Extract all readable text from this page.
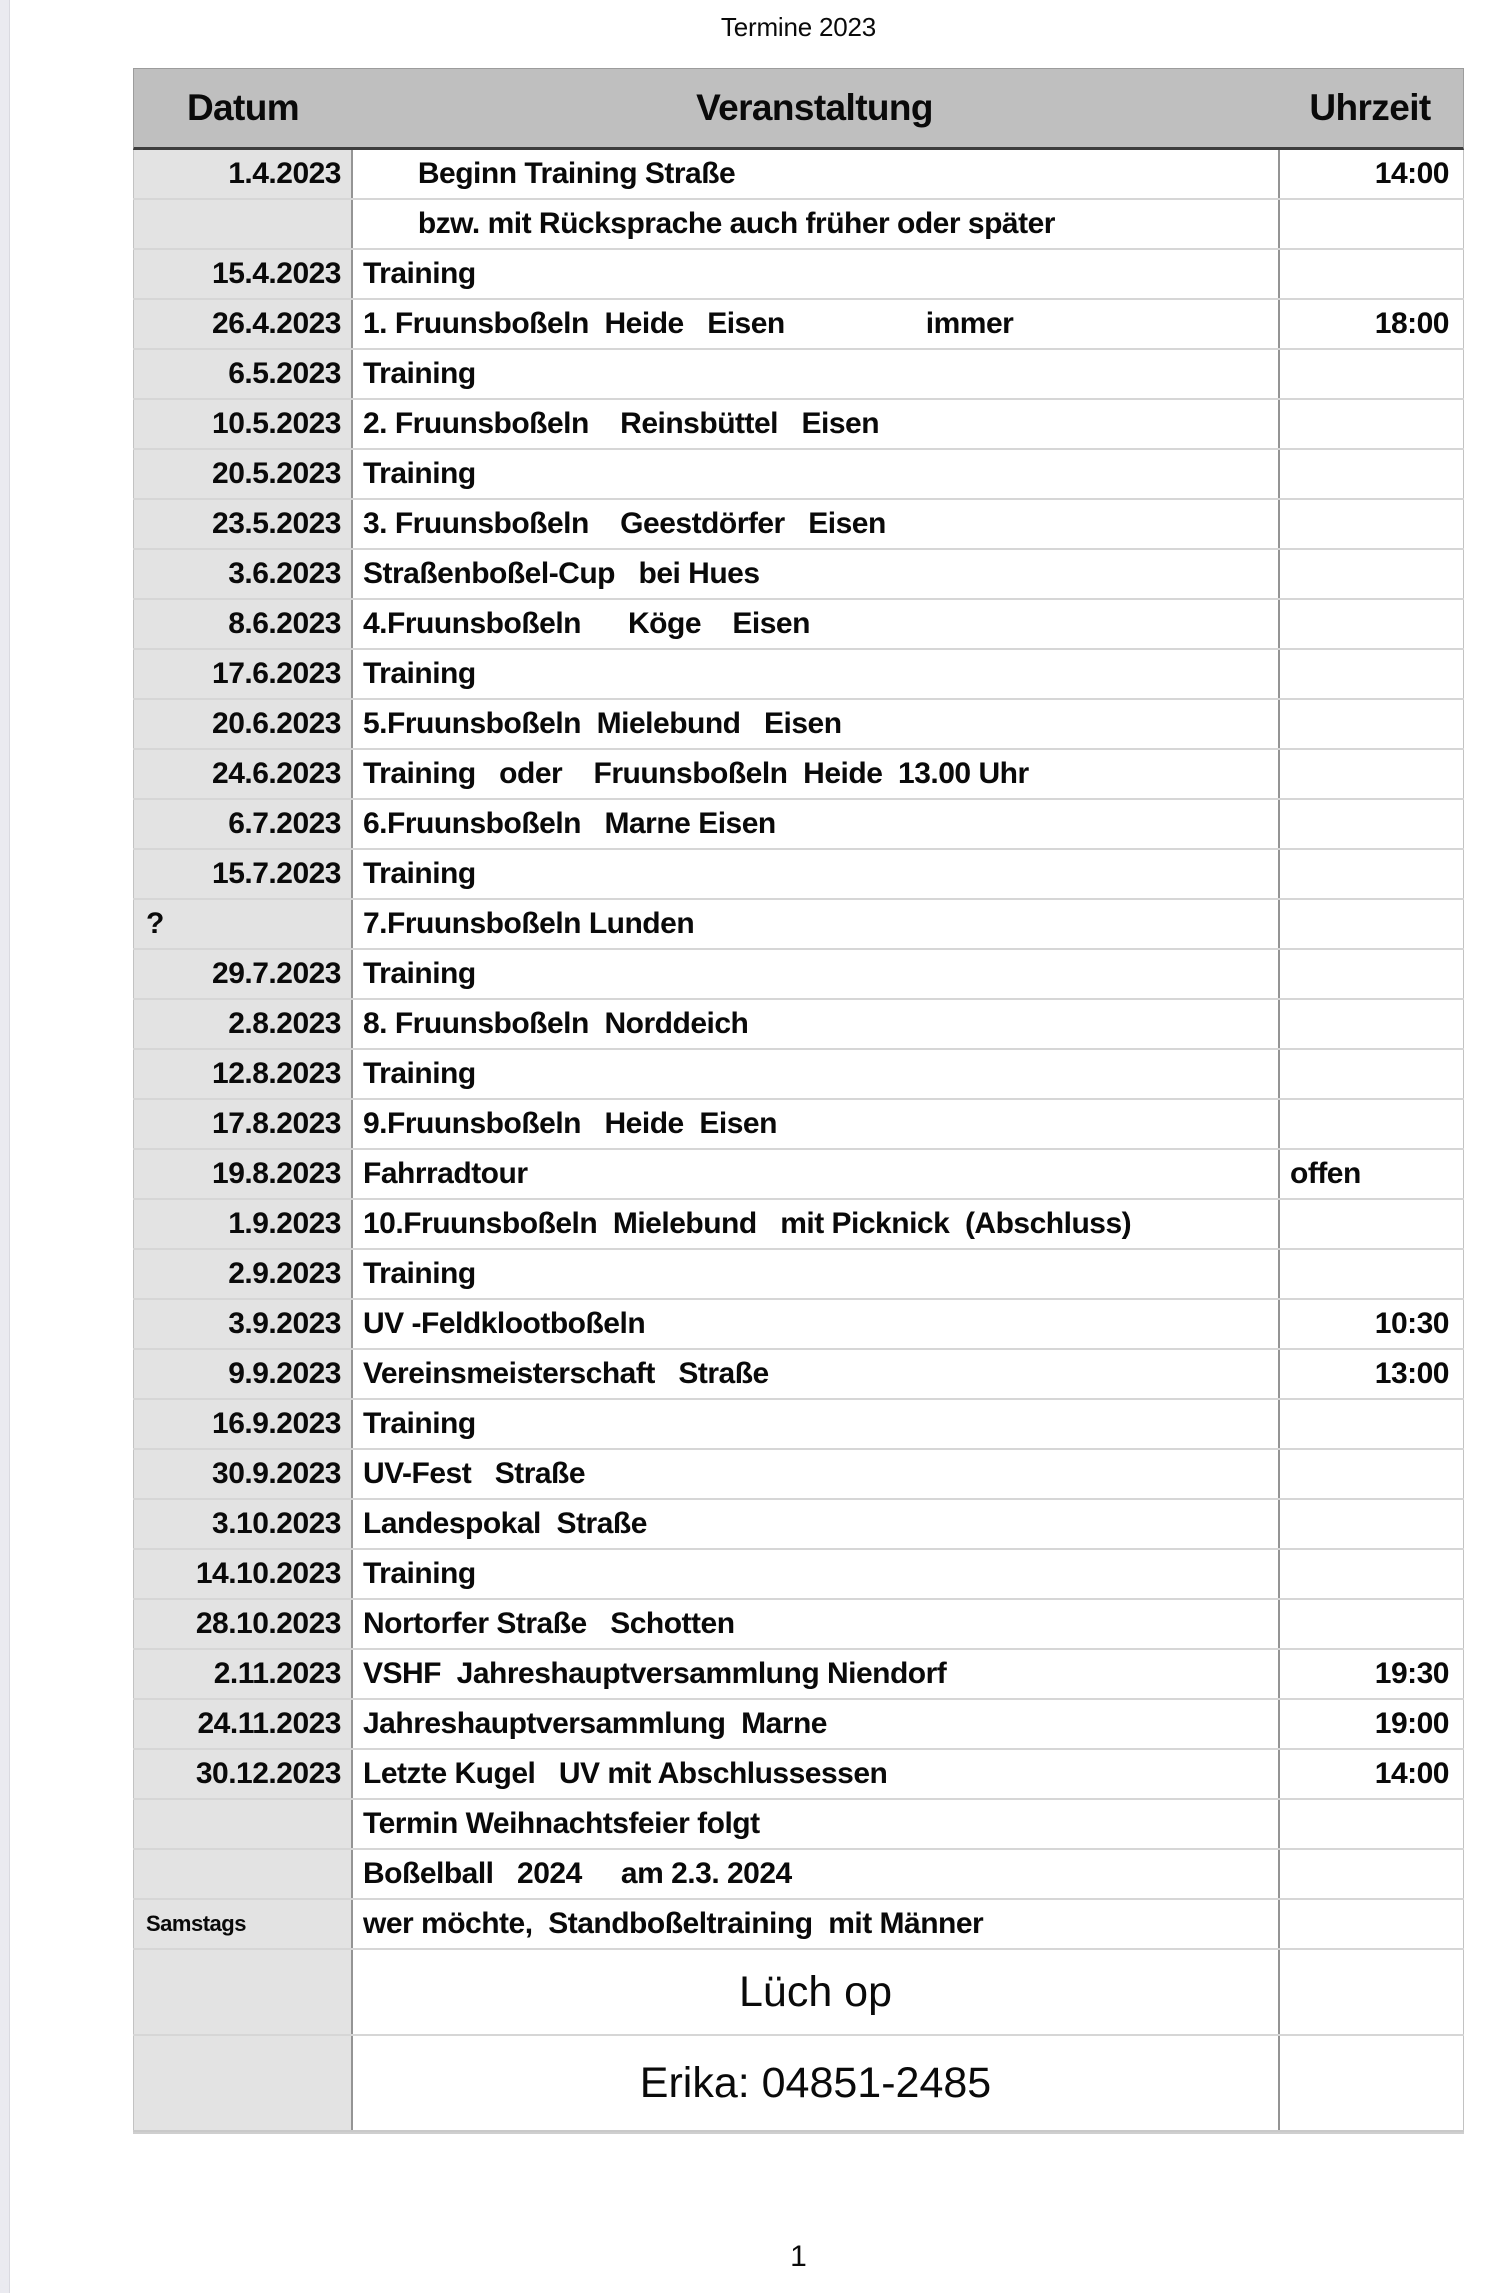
Termine 2023
Datum	Veranstaltung	Uhrzeit
1.4.2023 Beginn Training Straße	14:00
bzw. mit Rücksprache auch früher oder später
15.4.2023 Training
26.4.2023 1. Fruunsboßeln  Heide   Eisen                  immer	18:00
6.5.2023 Training
10.5.2023 2. Fruunsboßeln    Reinsbüttel   Eisen
20.5.2023 Training
23.5.2023 3. Fruunsboßeln    Geestdörfer   Eisen
3.6.2023 Straßenboßel-Cup   bei Hues
8.6.2023 4.Fruunsboßeln      Köge    Eisen
17.6.2023 Training
20.6.2023 5.Fruunsboßeln  Mielebund   Eisen
24.6.2023 Training   oder    Fruunsboßeln  Heide  13.00 Uhr
6.7.2023 6.Fruunsboßeln   Marne Eisen
15.7.2023 Training
?	7.Fruunsboßeln Lunden
29.7.2023 Training
2.8.2023 8. Fruunsboßeln  Norddeich
12.8.2023 Training
17.8.2023 9.Fruunsboßeln   Heide  Eisen
19.8.2023 Fahrradtour	offen
1.9.2023 10.Fruunsboßeln  Mielebund   mit Picknick  (Abschluss)
2.9.2023 Training
3.9.2023 UV -Feldklootboßeln	10:30
9.9.2023 Vereinsmeisterschaft   Straße	13:00
16.9.2023 Training
30.9.2023 UV-Fest   Straße
3.10.2023 Landespokal  Straße
14.10.2023 Training
28.10.2023 Nortorfer Straße   Schotten
2.11.2023 VSHF  Jahreshauptversammlung Niendorf	19:30
24.11.2023 Jahreshauptversammlung  Marne	19:00
30.12.2023 Letzte Kugel   UV mit Abschlussessen	14:00
Termin Weihnachtsfeier folgt
Boßelball   2024     am 2.3. 2024
Samstags	wer möchte,  Standboßeltraining  mit Männer
Lüch op
Erika: 04851-2485
1
